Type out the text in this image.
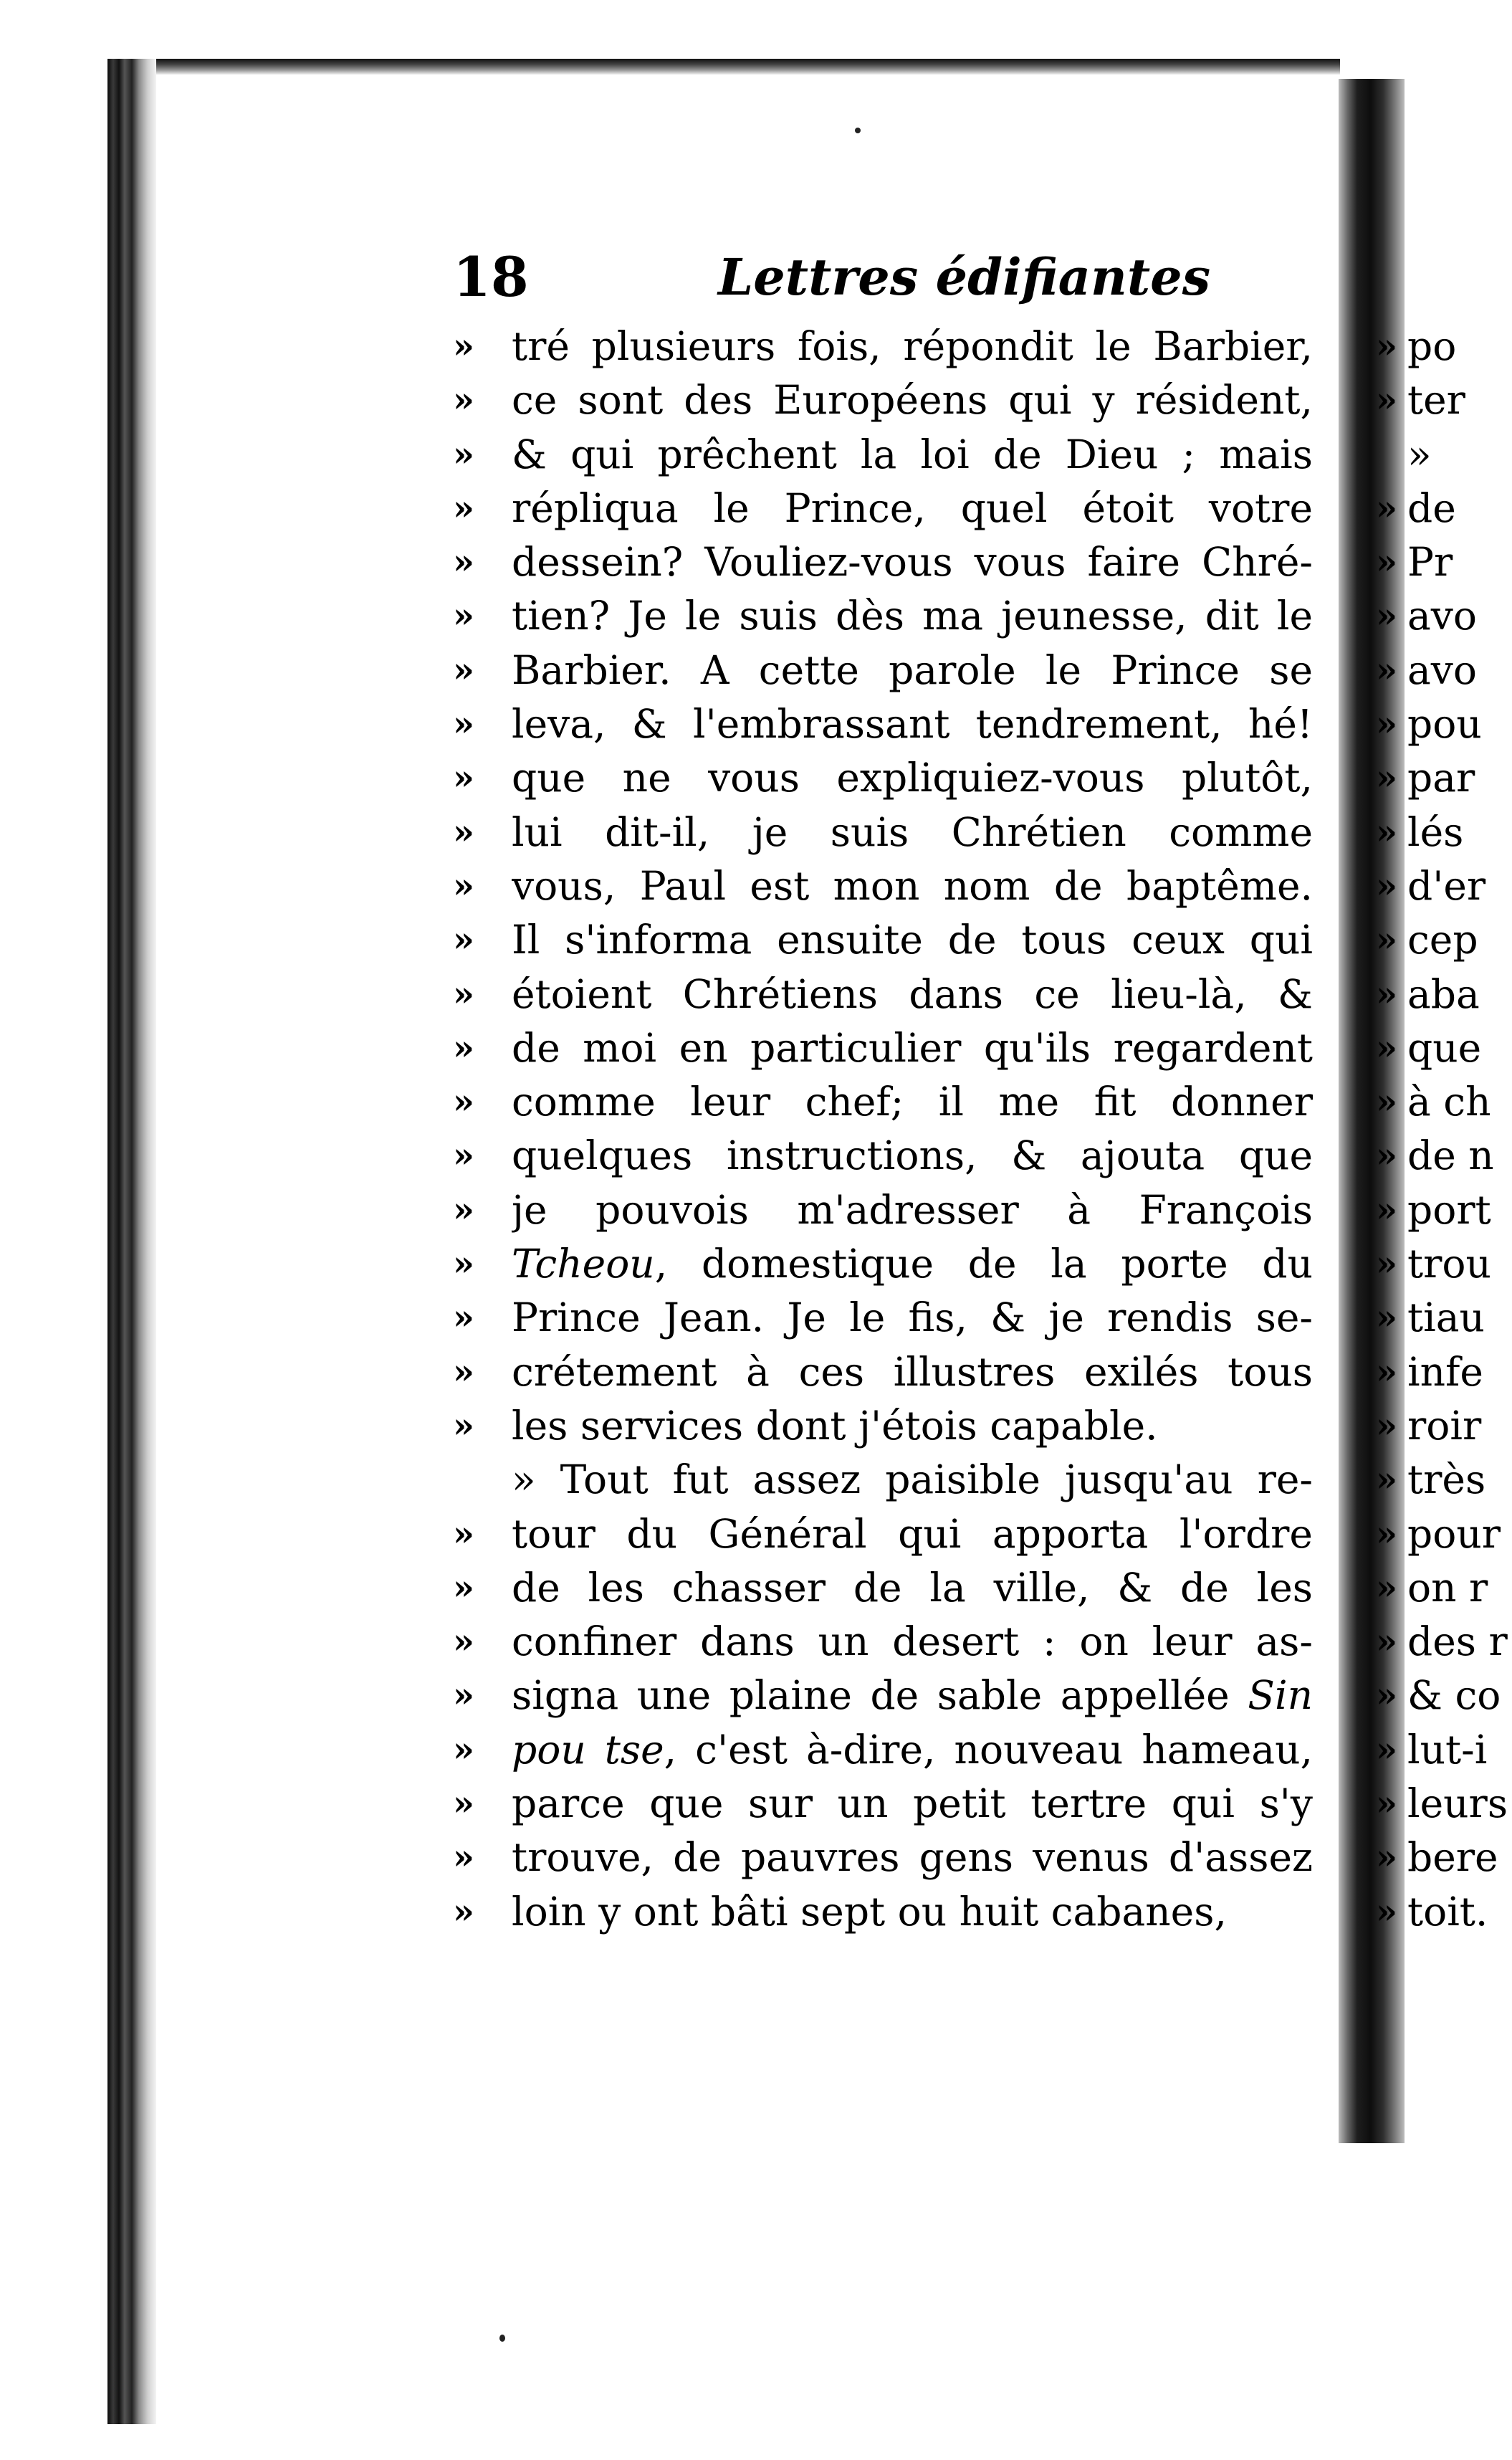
18	Lettres édifiantes
» tré plusieurs fois, répondit le Barbier,
» ce sont des Européens qui y résident,
» & qui prêchent la loi de Dieu ; mais
» répliqua le Prince, quel étoit votre
» dessein? Vouliez-vous vous faire Chré-
» tien? Je le suis dès ma jeunesse, dit le
» Barbier. A cette parole le Prince se
» leva, & l'embrassant tendrement, hé!
» que ne vous expliquiez-vous plutôt,
» lui dit-il, je suis Chrétien comme
» vous, Paul est mon nom de baptême.
» Il s'informa ensuite de tous ceux qui
» étoient Chrétiens dans ce lieu-là, &
» de moi en particulier qu'ils regardent
» comme leur chef; il me fit donner
» quelques instructions, & ajouta que
» je pouvois m'adresser à François
» Tcheou, domestique de la porte du
» Prince Jean. Je le fis, & je rendis se-
» crétement à ces illustres exilés tous
» les services dont j'étois capable.
» Tout fut assez paisible jusqu'au re-
» tour du Général qui apporta l'ordre
» de les chasser de la ville, & de les
» confiner dans un desert : on leur as-
» signa une plaine de sable appellée Sin
» pou tse, c'est à-dire, nouveau hameau,
» parce que sur un petit tertre qui s'y
» trouve, de pauvres gens venus d'assez
» loin y ont bâti sept ou huit cabanes,
» po
» ter
»
» de
» Pr
» avo
» avo
» pou
» par
» lés
» d'er
» cep
» aba
» que
» à ch
» de n
» port
» trou
» tiau
» infe
» roir
» très
» pour
» on r
» des r
» & co
» lut-i
» leurs
» bere
» toit.
